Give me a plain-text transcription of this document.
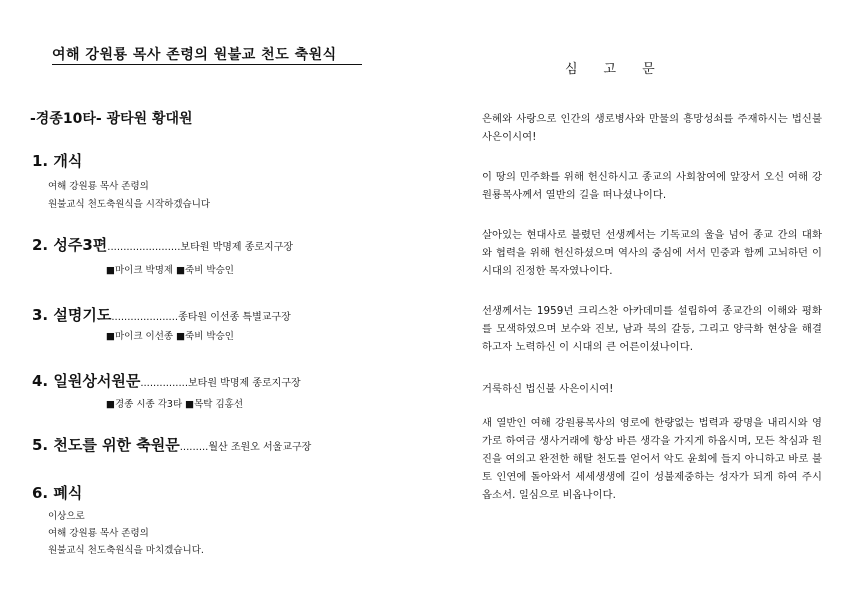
여해 강원룡 목사 존령의 원불교 천도 축원식
-경종10타- 광타원 황대원
1. 개식
여해 강원룡 목사 존령의
원불교식 천도축원식을 시작하겠습니다
2. 성주3편.......................보타원 박명제 종로지구장
■마이크 박명제 ■죽비 박승인
3. 설명기도.....................종타원 이선종 특별교구장
■마이크 이선종 ■죽비 박승인
4. 일원상서원문...............보타원 박명제 종로지구장
■경종 시종 각3타 ■목탁 김홍선
5. 천도를 위한 축원문.........월산 조원오 서울교구장
6. 폐식
이상으로
여해 강원룡 목사 존령의
원불교식 천도축원식을 마치겠습니다.
심고문
은혜와 사랑으로 인간의 생로병사와 만물의 흥망성쇠를 주재하시는 법신불 사은이시여!
이 땅의 민주화를 위해 헌신하시고 종교의 사회참여에 앞장서 오신 여해 강원룡목사께서 열반의 길을 떠나셨나이다.
살아있는 현대사로 불렸던 선생께서는 기독교의 울을 넘어 종교 간의 대화와 협력을 위해 헌신하셨으며 역사의 중심에 서서 민중과 함께 고뇌하던 이 시대의 진정한 목자였나이다.
선생께서는 1959년 크리스찬 아카데미를 설립하여 종교간의 이해와 평화를 모색하였으며 보수와 진보, 남과 북의 갈등, 그리고 양극화 현상을 해결하고자 노력하신 이 시대의 큰 어른이셨나이다.
거룩하신 법신불 사은이시여!
새 열반인 여해 강원룡목사의 영로에 한량없는 법력과 광명을 내리시와 영가로 하여금 생사거래에 항상 바른 생각을 가지게 하옵시며, 모든 착심과 원진을 여의고 완전한 해탈 천도를 얻어서 악도 윤회에 들지 아니하고 바로 불토 인연에 돌아와서 세세생생에 길이 성불제중하는 성자가 되게 하여 주시옵소서. 일심으로 비옵나이다.
